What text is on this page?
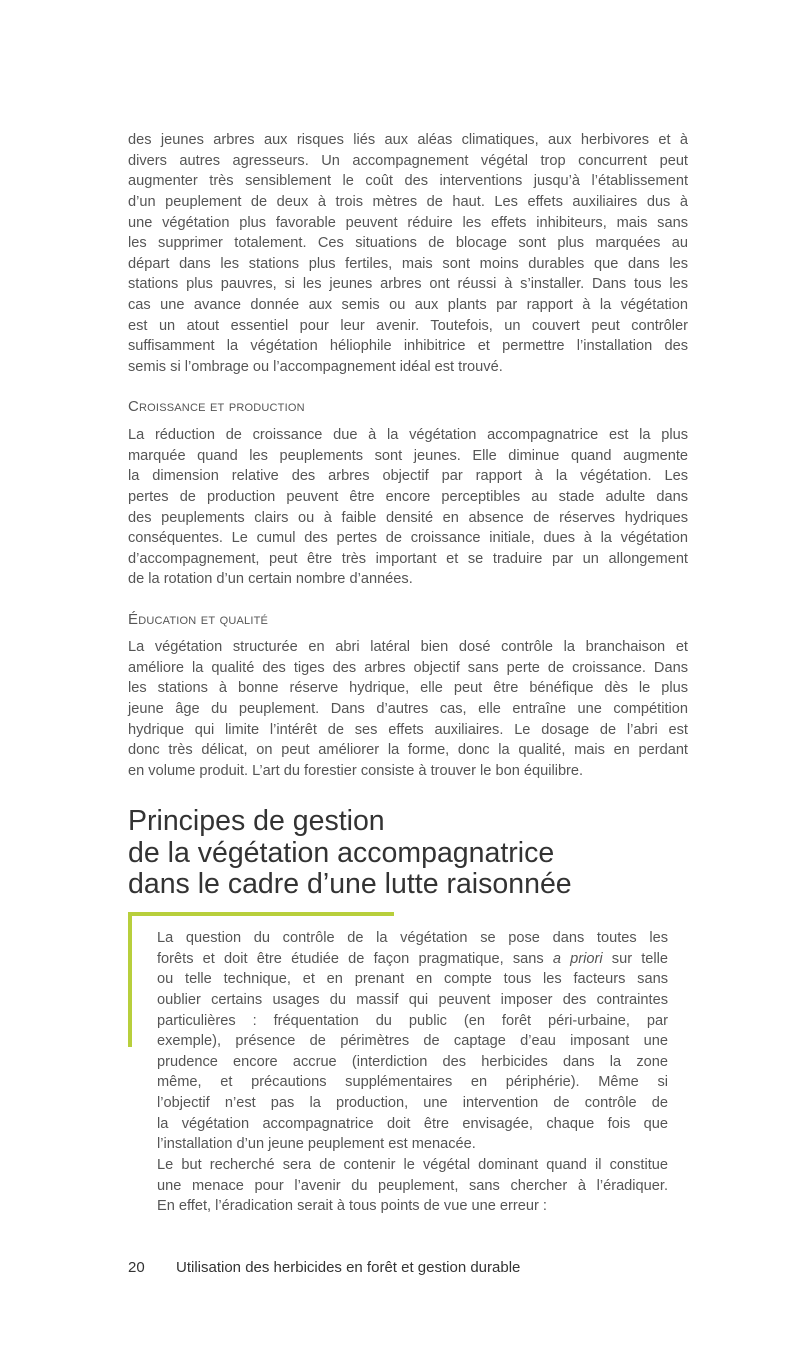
des jeunes arbres aux risques liés aux aléas climatiques, aux herbivores et à
divers autres agresseurs. Un accompagnement végétal trop concurrent peut
augmenter très sensiblement le coût des interventions jusqu’à l’établissement
d’un peuplement de deux à trois mètres de haut. Les effets auxiliaires dus à
une végétation plus favorable peuvent réduire les effets inhibiteurs, mais sans
les supprimer totalement. Ces situations de blocage sont plus marquées au
départ dans les stations plus fertiles, mais sont moins durables que dans les
stations plus pauvres, si les jeunes arbres ont réussi à s’installer. Dans tous les
cas une avance donnée aux semis ou aux plants par rapport à la végétation
est un atout essentiel pour leur avenir. Toutefois, un couvert peut contrôler
suffisamment la végétation héliophile inhibitrice et permettre l’installation des
semis si l’ombrage ou l’accompagnement idéal est trouvé.
Croissance et production
La réduction de croissance due à la végétation accompagnatrice est la plus
marquée quand les peuplements sont jeunes. Elle diminue quand augmente
la dimension relative des arbres objectif par rapport à la végétation. Les
pertes de production peuvent être encore perceptibles au stade adulte dans
des peuplements clairs ou à faible densité en absence de réserves hydriques
conséquentes. Le cumul des pertes de croissance initiale, dues à la végétation
d’accompagnement, peut être très important et se traduire par un allongement
de la rotation d’un certain nombre d’années.
Éducation et qualité
La végétation structurée en abri latéral bien dosé contrôle la branchaison et
améliore la qualité des tiges des arbres objectif sans perte de croissance. Dans
les stations à bonne réserve hydrique, elle peut être bénéfique dès le plus
jeune âge du peuplement. Dans d’autres cas, elle entraîne une compétition
hydrique qui limite l’intérêt de ses effets auxiliaires. Le dosage de l’abri est
donc très délicat, on peut améliorer la forme, donc la qualité, mais en perdant
en volume produit. L’art du forestier consiste à trouver le bon équilibre.
Principes de gestion
de la végétation accompagnatrice
dans le cadre d’une lutte raisonnée
La question du contrôle de la végétation se pose dans toutes les
forêts et doit être étudiée de façon pragmatique, sans a priori sur telle
ou telle technique, et en prenant en compte tous les facteurs sans
oublier certains usages du massif qui peuvent imposer des contraintes
particulières : fréquentation du public (en forêt péri-urbaine, par
exemple), présence de périmètres de captage d’eau imposant une
prudence encore accrue (interdiction des herbicides dans la zone
même, et précautions supplémentaires en périphérie). Même si
l’objectif n’est pas la production, une intervention de contrôle de
la végétation accompagnatrice doit être envisagée, chaque fois que
l’installation d’un jeune peuplement est menacée.
Le but recherché sera de contenir le végétal dominant quand il constitue
une menace pour l’avenir du peuplement, sans chercher à l’éradiquer.
En effet, l’éradication serait à tous points de vue une erreur :
20 Utilisation des herbicides en forêt et gestion durable
